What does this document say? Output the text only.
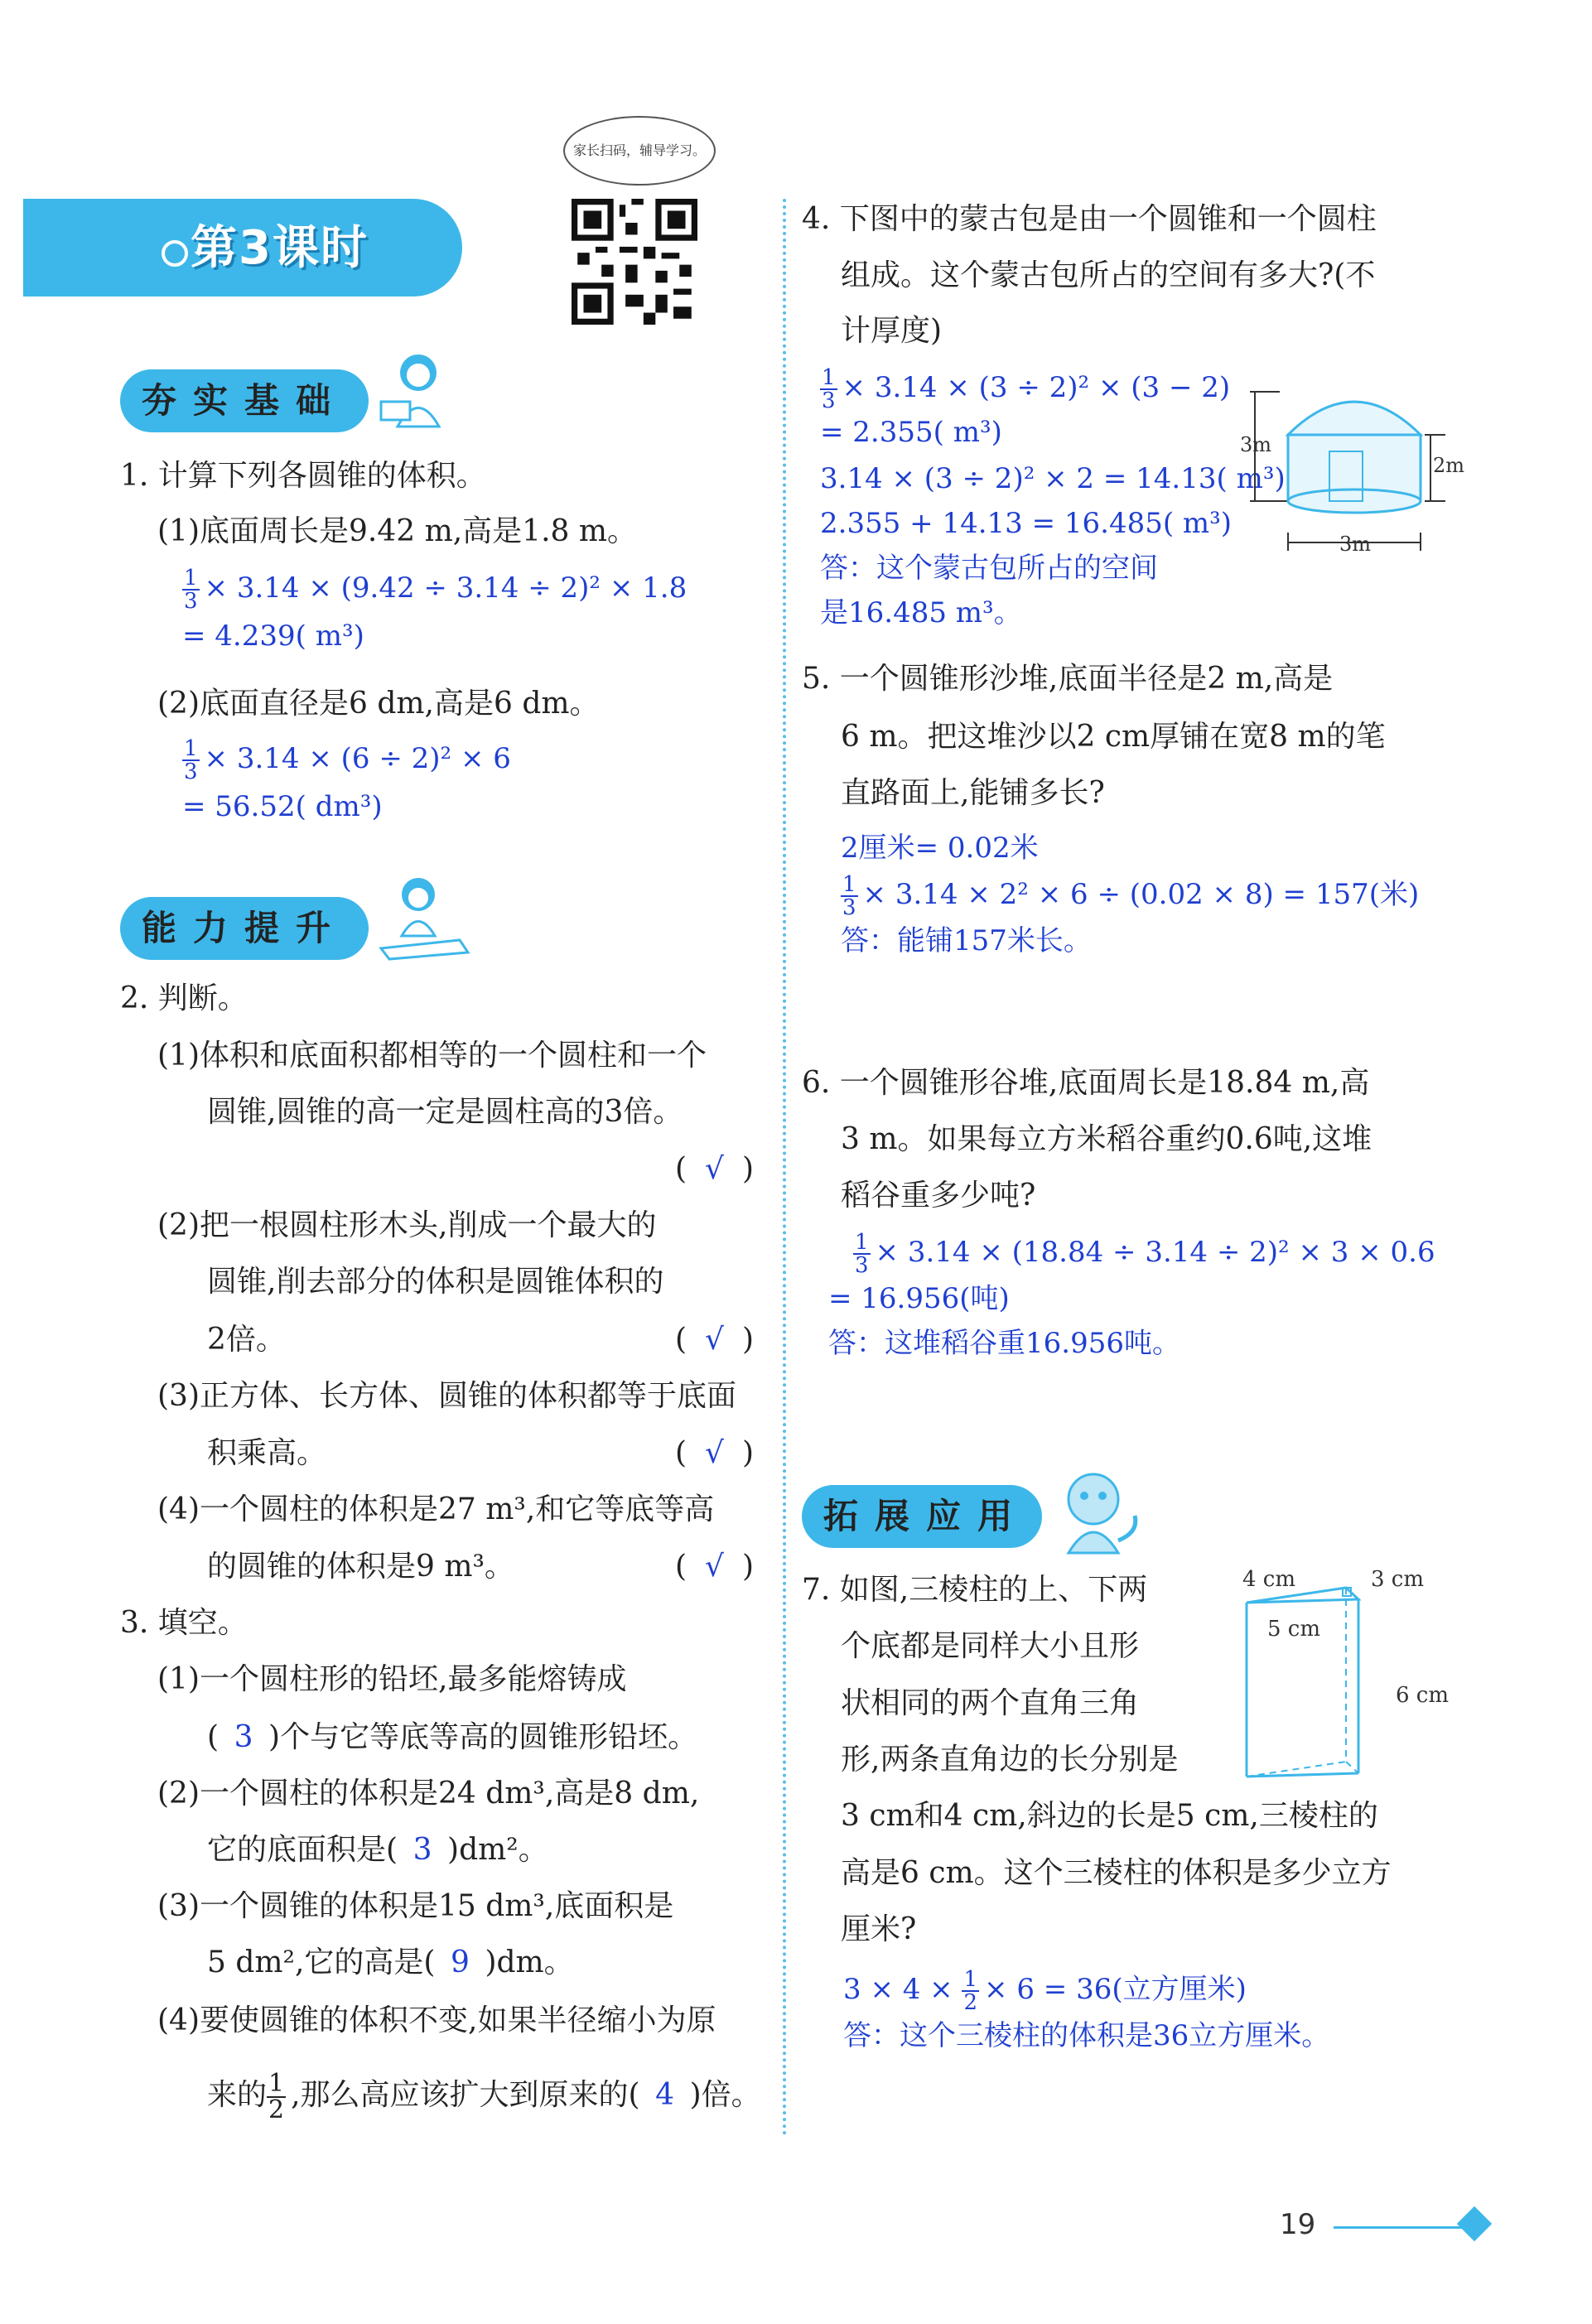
家长扫码，辅导学习。
第3课时
夯实基础
1. 计算下列各圆锥的体积。
(1)底面周长是9.42 m,高是1.8 m。
$\frac{1}{3} \times 3.14 \times (9.42 \div 3.14 \div 2)^2 \times 1.8$
= 4.239( m³)
(2)底面直径是6 dm,高是6 dm。
$\frac{1}{3} \times 3.14 \times (6 \div 2)^2 \times 6$
= 56.52( dm³)
能力提升
2. 判断。
(1)体积和底面积都相等的一个圆柱和一个
圆锥,圆锥的高一定是圆柱高的3倍。
( √ )
(2)把一根圆柱形木头,削成一个最大的
圆锥,削去部分的体积是圆锥体积的
2倍。	( √ )
(3)正方体、长方体、圆锥的体积都等于底面
积乘高。	( √ )
(4)一个圆柱的体积是27 m³,和它等底等高
的圆锥的体积是9 m³。	( √ )
3. 填空。
(1)一个圆柱形的铅坯,最多能熔铸成
( 3 )个与它等底等高的圆锥形铅坯。
(2)一个圆柱的体积是24 dm³,高是8 dm,
它的底面积是( 3 )dm²。
(3)一个圆锥的体积是15 dm³,底面积是
5 dm²,它的高是( 9 )dm。
(4)要使圆锥的体积不变,如果半径缩小为原
来的 $\frac{1}{2}$ ,那么高应该扩大到原来的( 4 )倍。
4. 下图中的蒙古包是由一个圆锥和一个圆柱
组成。这个蒙古包所占的空间有多大?(不
计厚度)
$\frac{1}{3} \times 3.14 \times (3 \div 2)^2 \times (3 - 2)$
= 2.355( m³)
3.14 × (3 ÷ 2)² × 2 = 14.13( m³)
2.355 + 14.13 = 16.485( m³)
答：这个蒙古包所占的空间
是16.485 m³。
3m
2m
3m
5. 一个圆锥形沙堆,底面半径是2 m,高是
6 m。把这堆沙以2 cm厚铺在宽8 m的笔
直路面上,能铺多长?
2厘米= 0.02米
$\frac{1}{3} \times 3.14 \times 2^2 \times 6 \div (0.02 \times 8) = 157$(米)
答：能铺157米长。
6. 一个圆锥形谷堆,底面周长是18.84 m,高
3 m。如果每立方米稻谷重约0.6吨,这堆
稻谷重多少吨?
$\frac{1}{3} \times 3.14 \times (18.84 \div 3.14 \div 2)^2 \times 3 \times 0.6$
= 16.956(吨)
答：这堆稻谷重16.956吨。
拓展应用
7. 如图,三棱柱的上、下两
个底都是同样大小且形
状相同的两个直角三角
形,两条直角边的长分别是
3 cm和4 cm,斜边的长是5 cm,三棱柱的
高是6 cm。这个三棱柱的体积是多少立方
厘米?
4 cm	3 cm
5 cm
6 cm
$3 \times 4 \times \frac{1}{2} \times 6 = 36$(立方厘米)
答：这个三棱柱的体积是36立方厘米。
19
